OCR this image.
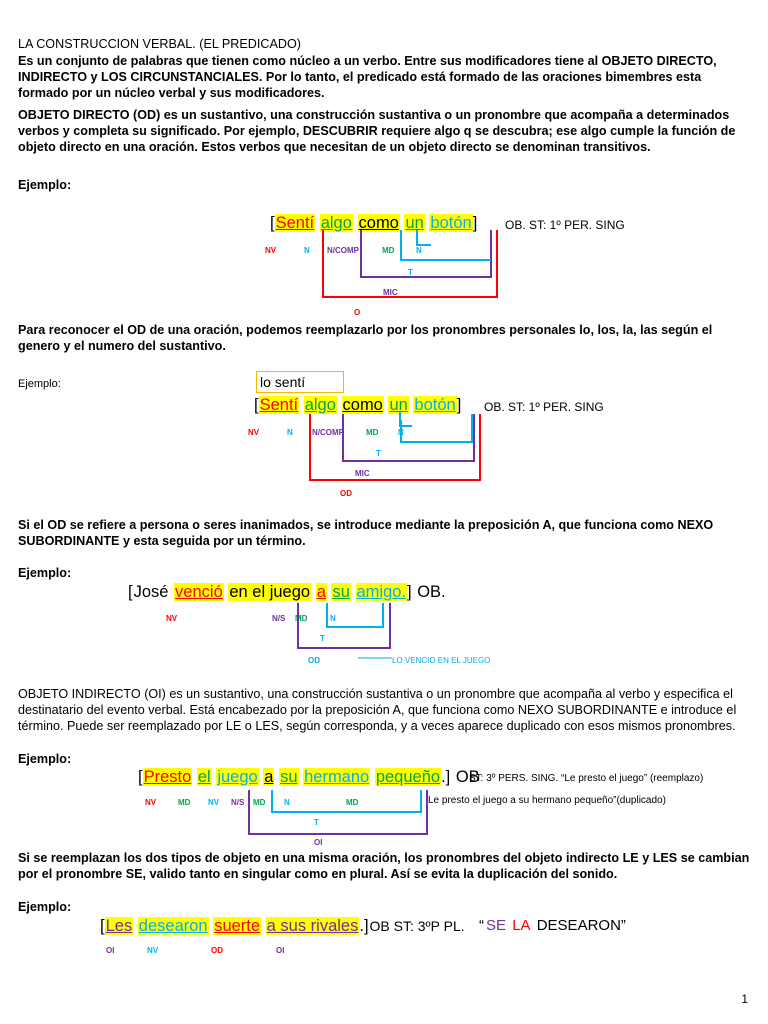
LA CONSTRUCCION VERBAL. (EL PREDICADO)

Es un conjunto de palabras que tienen como núcleo a un verbo. Entre sus modificadores tiene al OBJETO DIRECTO, INDIRECTO y LOS CIRCUNSTANCIALES. Por lo tanto, el predicado está formado de las oraciones bimembres esta formado por un núcleo verbal y sus modificadores.

OBJETO DIRECTO (OD) es un sustantivo, una construcción sustantiva o un pronombre que acompaña a determinados verbos y completa su significado. Por ejemplo, DESCUBRIR requiere algo q se descubra; ese algo cumple la función de objeto directo en una oración. Estos verbos que necesitan de un objeto directo se denominan transitivos.

Ejemplo:
[Sentí algo como un botón] OB. ST: 1º PER. SING
NV	N N/COMP	MD	N
T
MIC
O

Para reconocer el OD de una oración, podemos reemplazarlo por los pronombres personales lo, los, la, las según el genero y el numero del sustantivo.

Ejemplo:	lo sentí
[Sentí algo como un botón] OB. ST: 1º PER. SING
NV	N N/COMP	MD N
T
MIC
OD

Si el OD se refiere a persona o seres inanimados, se introduce mediante la preposición A, que funciona como NEXO SUBORDINANTE y esta seguida por un término.

Ejemplo:
[José venció en el juego a su amigo.] OB.
NV	N/S MD	N
T
OD	LO VENCIO EN EL JUEGO

OBJETO INDIRECTO (OI) es un sustantivo, una construcción sustantiva o un pronombre que acompaña al verbo y especifica el destinatario del evento verbal. Está encabezado por la preposición A, que funciona como NEXO SUBORDINANTE e introduce el término. Puede ser reemplazado por LE o LES, según corresponda, y a veces aparece duplicado con esos mismos pronombres.

Ejemplo:
[Presto el juego a su hermano pequeño.] OB
ST: 3º PERS. SING. “Le presto el juego” (reemplazo)
Le presto el juego a su hermano pequeño”(duplicado)
NV	MD NV N/S MD N	MD
T
OI

Si se reemplazan los dos tipos de objeto en una misma oración, los pronombres del objeto indirecto LE y LES se cambian por el pronombre SE, valido tanto en singular como en plural. Así se evita la duplicación del sonido.

Ejemplo:
[Les desearon suerte a sus rivales.]OB ST: 3ºP PL. “ SE LA DESEARON”
OI	NV	OD	OI
1
